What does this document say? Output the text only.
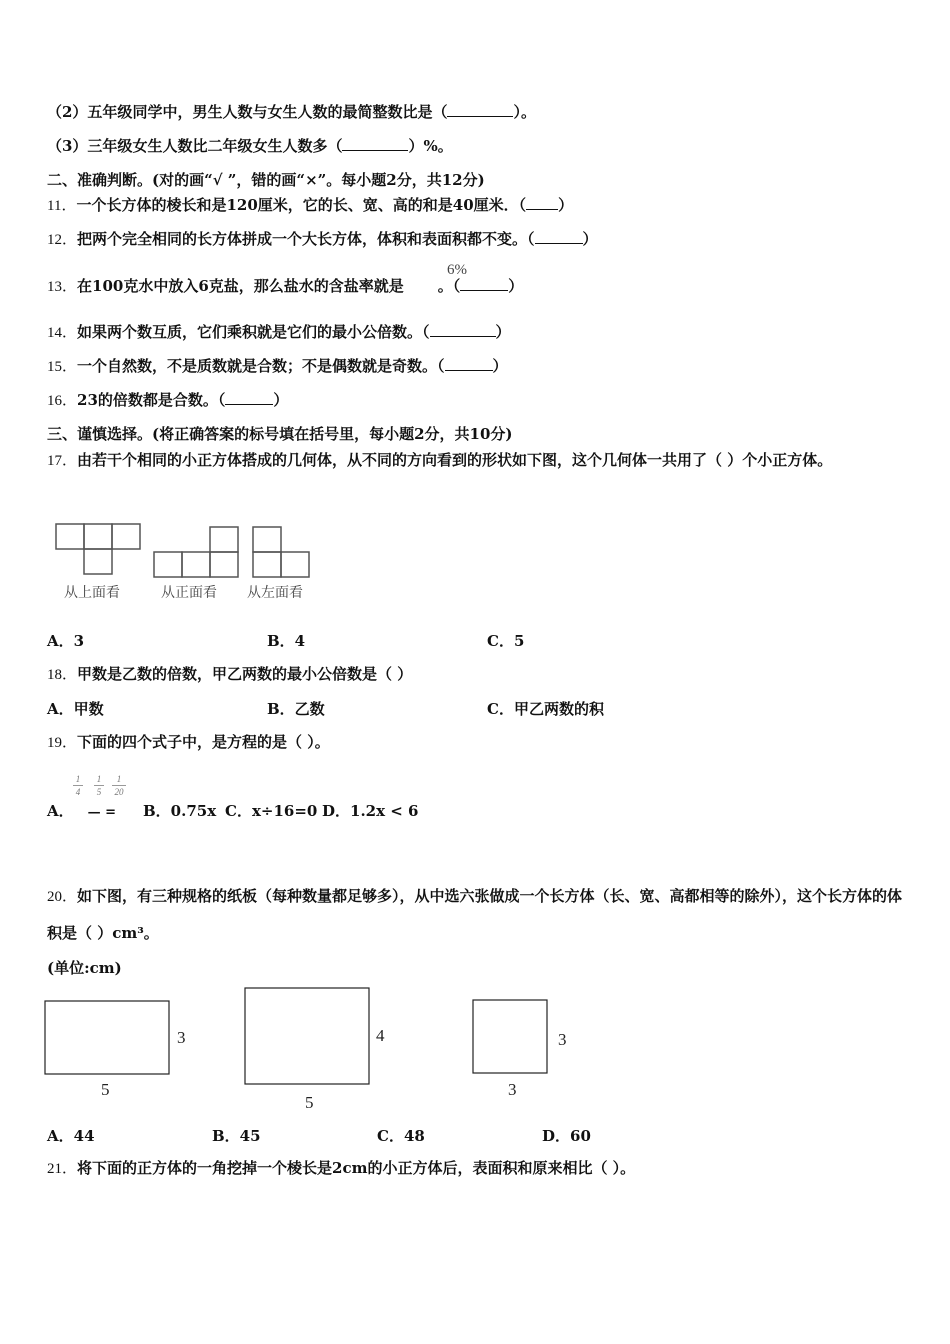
（2）五年级同学中，男生人数与女生人数的最简整数比是（	）。
（3）三年级女生人数比二年级女生人数多（	）%。
二、准确判断。(对的画“√ ”，错的画“×”。每小题2分，共12分)
11．一个长方体的棱长和是120厘米，它的长、宽、高的和是40厘米．（ ）
12．把两个完全相同的长方体拼成一个大长方体，体积和表面积都不变。（	）
6%
13．在100克水中放入6克盐，那么盐水的含盐率就是 。（	）
14．如果两个数互质，它们乘积就是它们的最小公倍数。（	）
15．一个自然数，不是质数就是合数；不是偶数就是奇数。（	）
16．23的倍数都是合数。（	）
三、谨慎选择。(将正确答案的标号填在括号里，每小题2分，共10分)
17．由若干个相同的小正方体搭成的几何体，从不同的方向看到的形状如下图，这个几何体一共用了（ ）个小正方体。
从上面看	从正面看 从左面看
A．3	B．4	C．5
18．甲数是乙数的倍数，甲乙两数的最小公倍数是（ ）
A．甲数	B．乙数	C．甲乙两数的积
19．下面的四个式子中，是方程的是（ ）。
1
4
1
5
1
20
A． — = B．0.75x C．x÷16=0 D．1.2x < 6
20．如下图，有三种规格的纸板（每种数量都足够多），从中选六张做成一个长方体（长、宽、高都相等的除外），这个长方体的体积是（ ）cm³。
(单位:cm)
3
5
4
5
3
3
A．44	B．45	C．48	D．60
21．将下面的正方体的一角挖掉一个棱长是2cm的小正方体后，表面积和原来相比（ ）。
